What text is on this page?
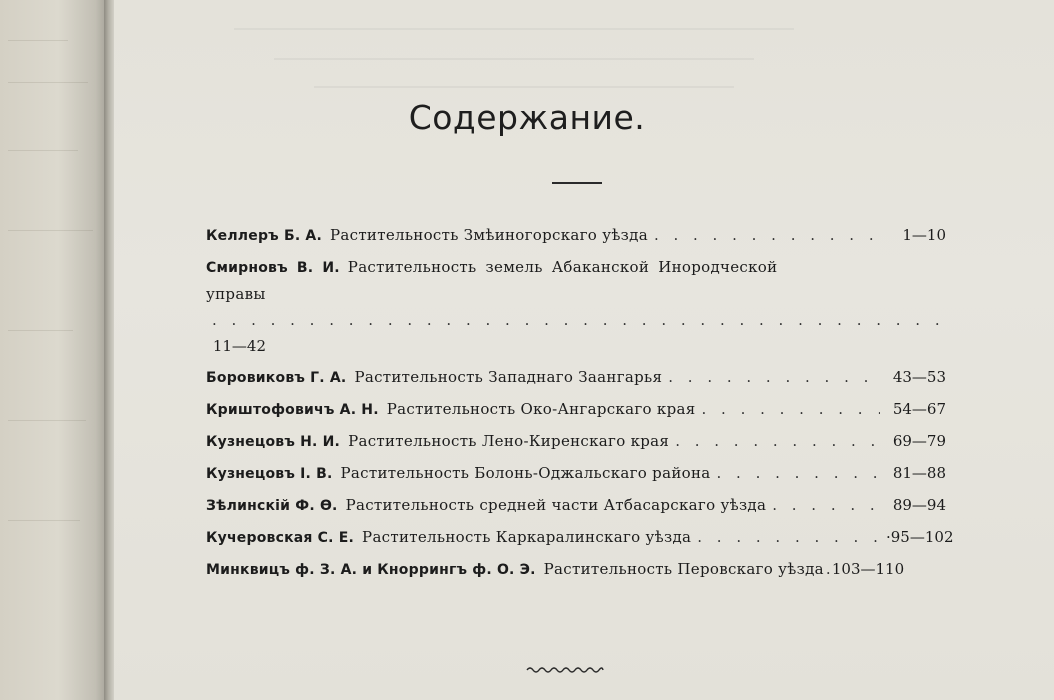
Содержание.
Келлеръ Б. А. Растительность Змѣиногорскаго уѣзда . . .	1—10
Смирновъ В. И. Растительность земель Абаканской Инородческой
управы
. . .
11—42
Боровиковъ Г. А. Растительность Западнаго Заангарья . . .	43—53
Криштофовичъ А. Н. Растительность Око-Ангарскаго края . . .	54—67
Кузнецовъ Н. И. Растительность Лено-Киренскаго края . . .	69—79
Кузнецовъ І. В. Растительность Болонь-Оджальскаго района . . .	81—88
Зѣлинскій Ф. Ѳ. Растительность средней части Атбасарскаго уѣзда . . .	89—94
Кучеровская С. Е. Растительность Каркаралинскаго уѣзда . . .	·95—102
Минквицъ ф. З. А. и Кноррингъ ф. О. Э. Растительность Перовскаго уѣзда . . . 103—110
